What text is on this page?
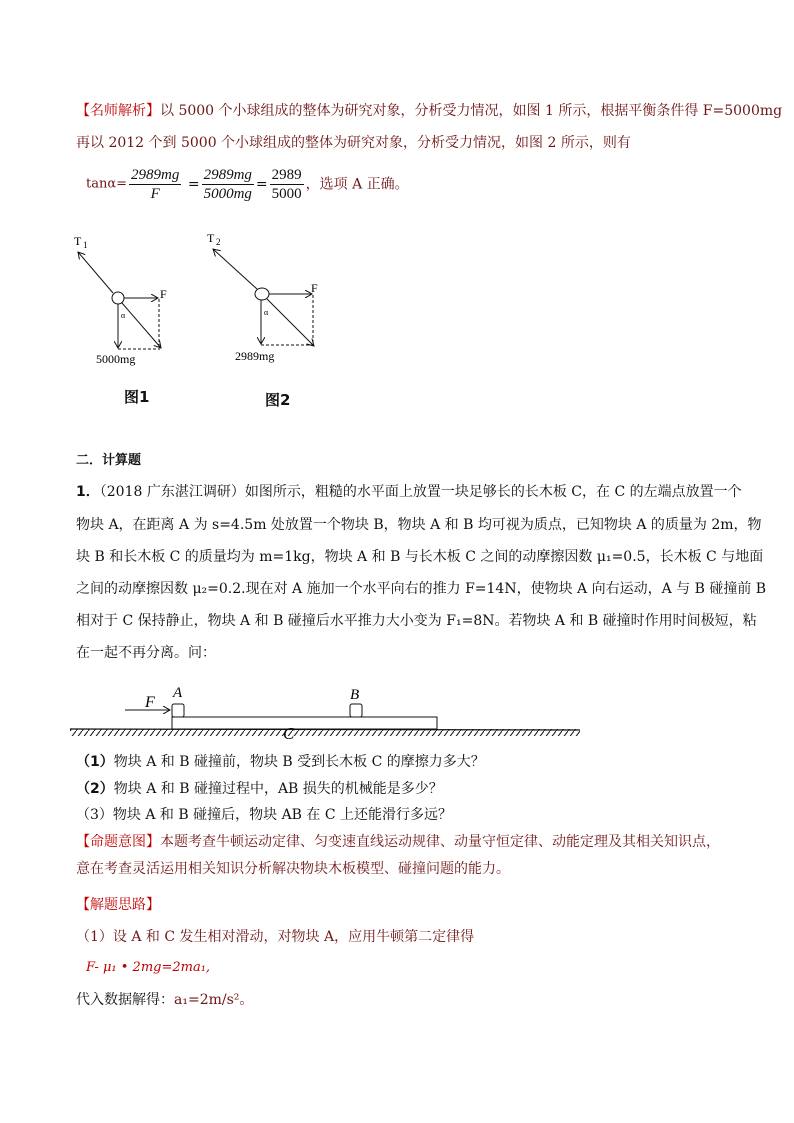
【名师解析】以 5000 个小球组成的整体为研究对象，分析受力情况，如图 1 所示，根据平衡条件得 F=5000mg
再以 2012 个到 5000 个小球组成的整体为研究对象，分析受力情况，如图 2 所示，则有
$\tan\alpha= \frac{2989mg}{F} = \frac{2989mg}{5000mg} = \frac{2989}{5000}$ ，选项 A 正确。
T 1
F
α
5000mg
T 2
F
α
2989mg
图1	图2
二．计算题
1．（2018 广东湛江调研）如图所示，粗糙的水平面上放置一块足够长的长木板 C，在 C 的左端点放置一个
物块 A，在距离 A 为 s=4.5m 处放置一个物块 B，物块 A 和 B 均可视为质点，已知物块 A 的质量为 2m，物
块 B 和长木板 C 的质量均为 m=1kg，物块 A 和 B 与长木板 C 之间的动摩擦因数 μ₁=0.5，长木板 C 与地面
之间的动摩擦因数 μ₂=0.2.现在对 A 施加一个水平向右的推力 F=14N，使物块 A 向右运动，A 与 B 碰撞前 B
相对于 C 保持静止，物块 A 和 B 碰撞后水平推力大小变为 F₁=8N。若物块 A 和 B 碰撞时作用时间极短，粘
在一起不再分离。问：
F
A	B
C
（1）物块 A 和 B 碰撞前，物块 B 受到长木板 C 的摩擦力多大？
（2）物块 A 和 B 碰撞过程中，AB 损失的机械能是多少？
（3）物块 A 和 B 碰撞后，物块 AB 在 C 上还能滑行多远？
【命题意图】本题考查牛顿运动定律、匀变速直线运动规律、动量守恒定律、动能定理及其相关知识点，
意在考查灵活运用相关知识分析解决物块木板模型、碰撞问题的能力。
【解题思路】
（1）设 A 和 C 发生相对滑动，对物块 A，应用牛顿第二定律得
F- μ₁ • 2mg=2ma₁,
代入数据解得：a₁=2m/s²。
